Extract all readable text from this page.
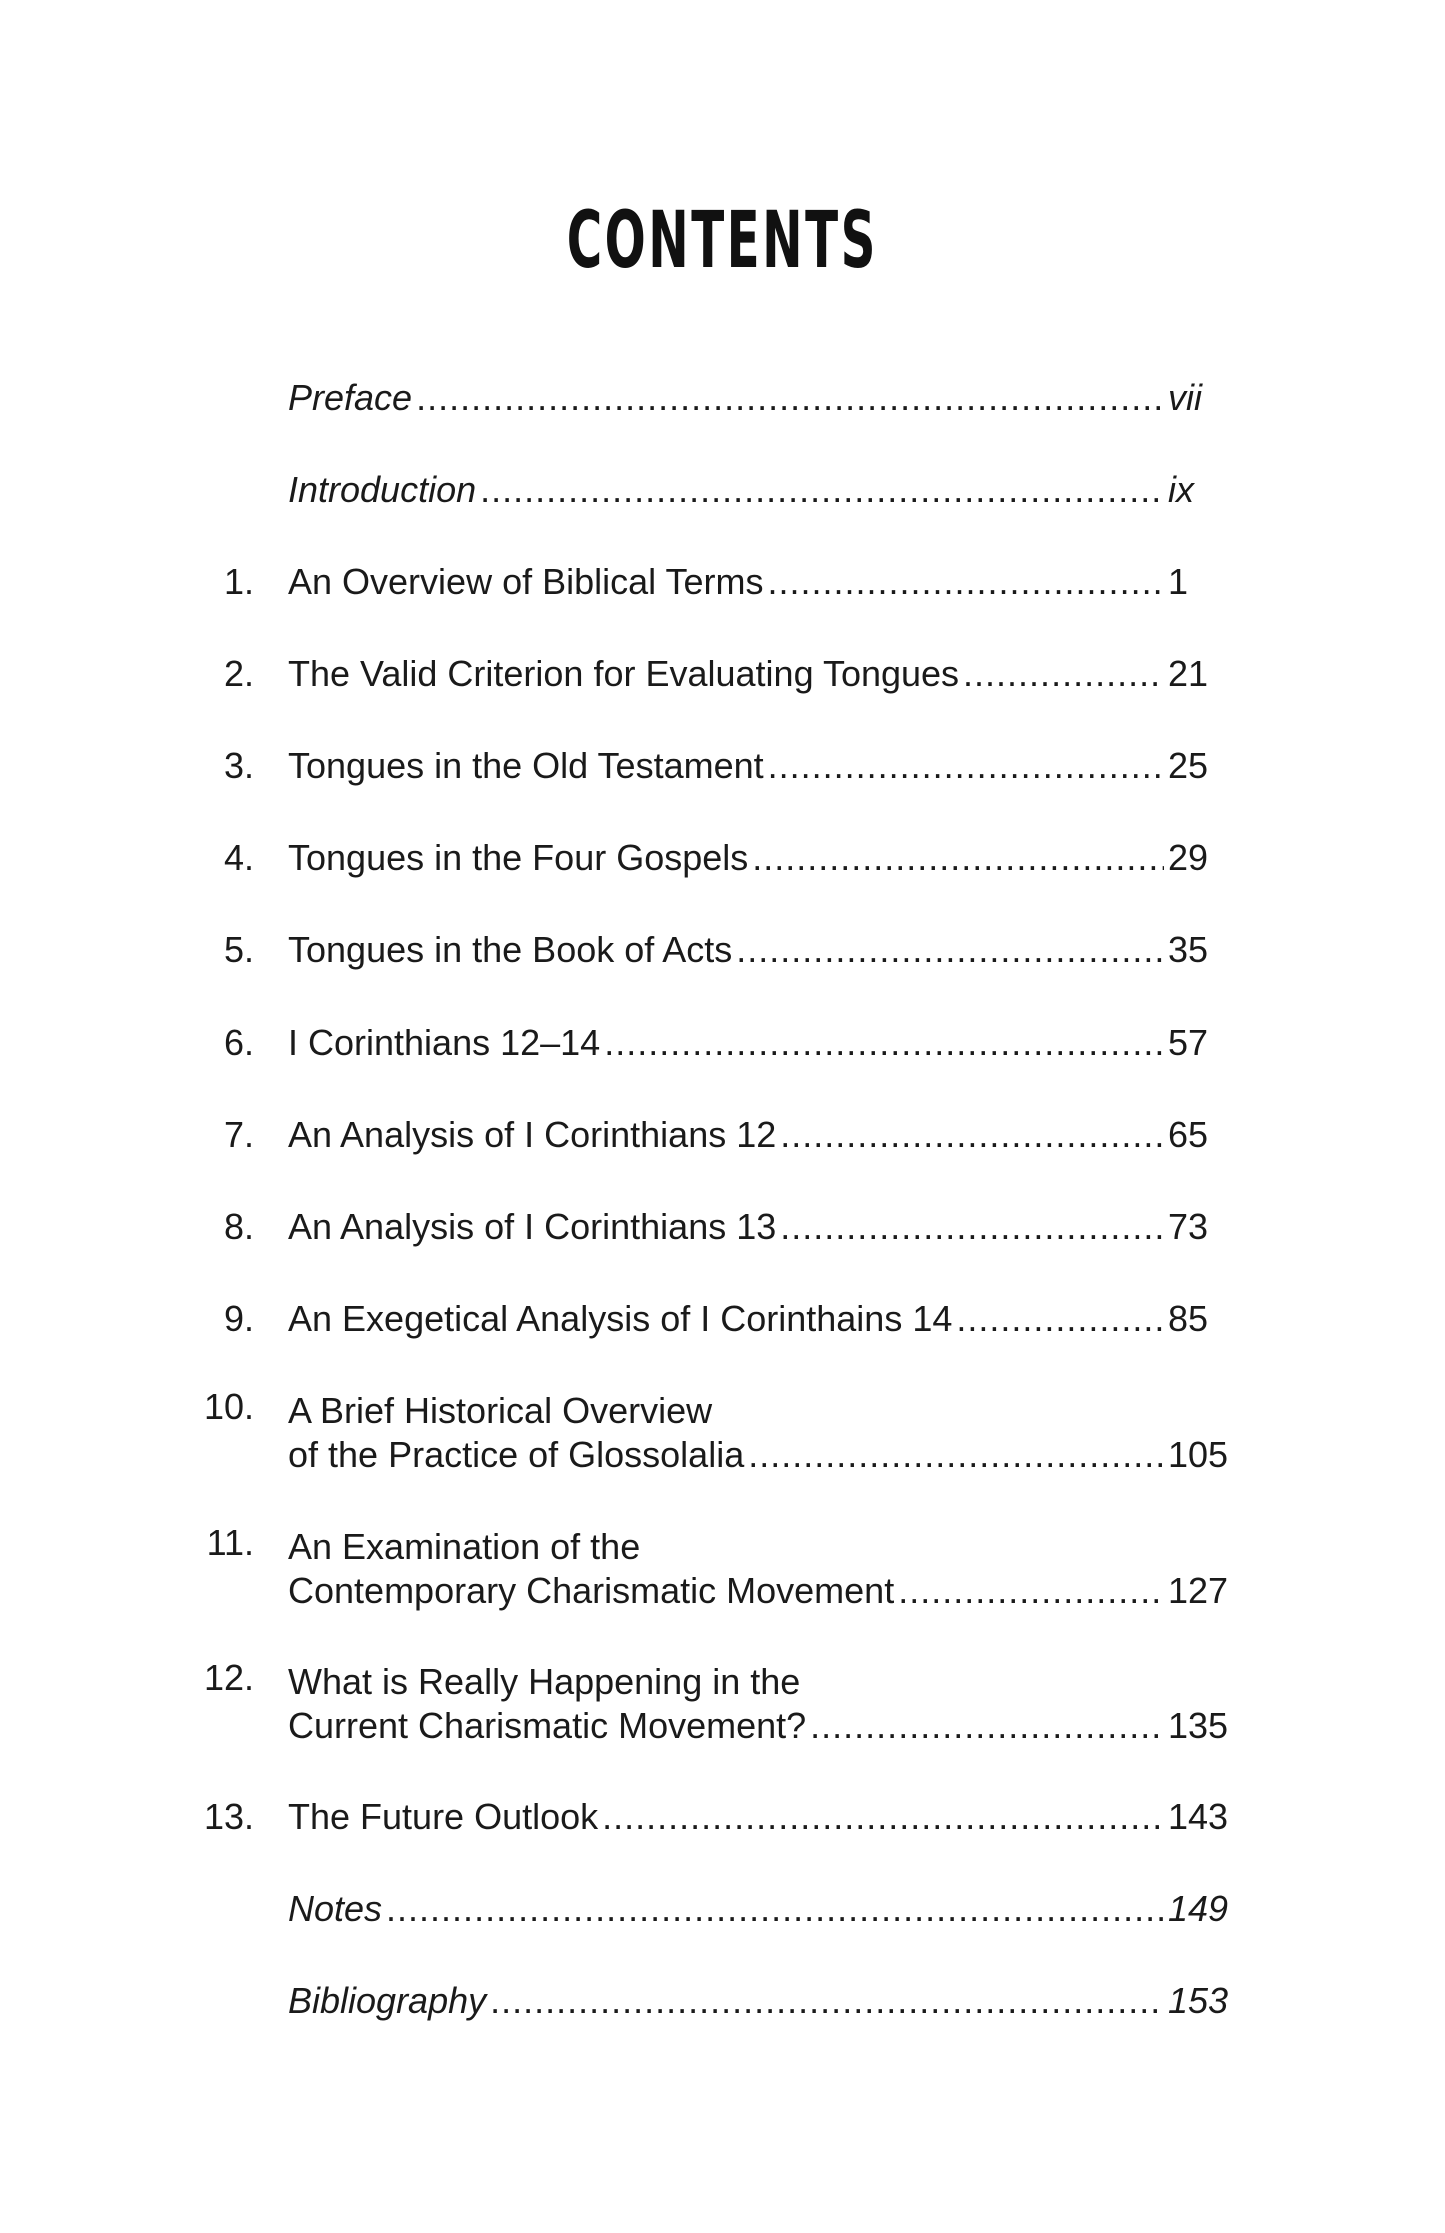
CONTENTS
Preface .....	vii
Introduction .....	ix
1. An Overview of Biblical Terms .....	1
2. The Valid Criterion for Evaluating Tongues .....	21
3. Tongues in the Old Testament .....	25
4. Tongues in the Four Gospels .....	29
5. Tongues in the Book of Acts .....	35
6. I Corinthians 12–14 .....	57
7. An Analysis of I Corinthians 12 .....	65
8. An Analysis of I Corinthians 13 .....	73
9. An Exegetical Analysis of I Corinthains 14 .....	85
10. A Brief Historical Overview
of the Practice of Glossolalia .....	105
11. An Examination of the
Contemporary Charismatic Movement .....	127
12. What is Really Happening in the
Current Charismatic Movement? .....	135
13. The Future Outlook .....	143
Notes .....	149
Bibliography .....	153
